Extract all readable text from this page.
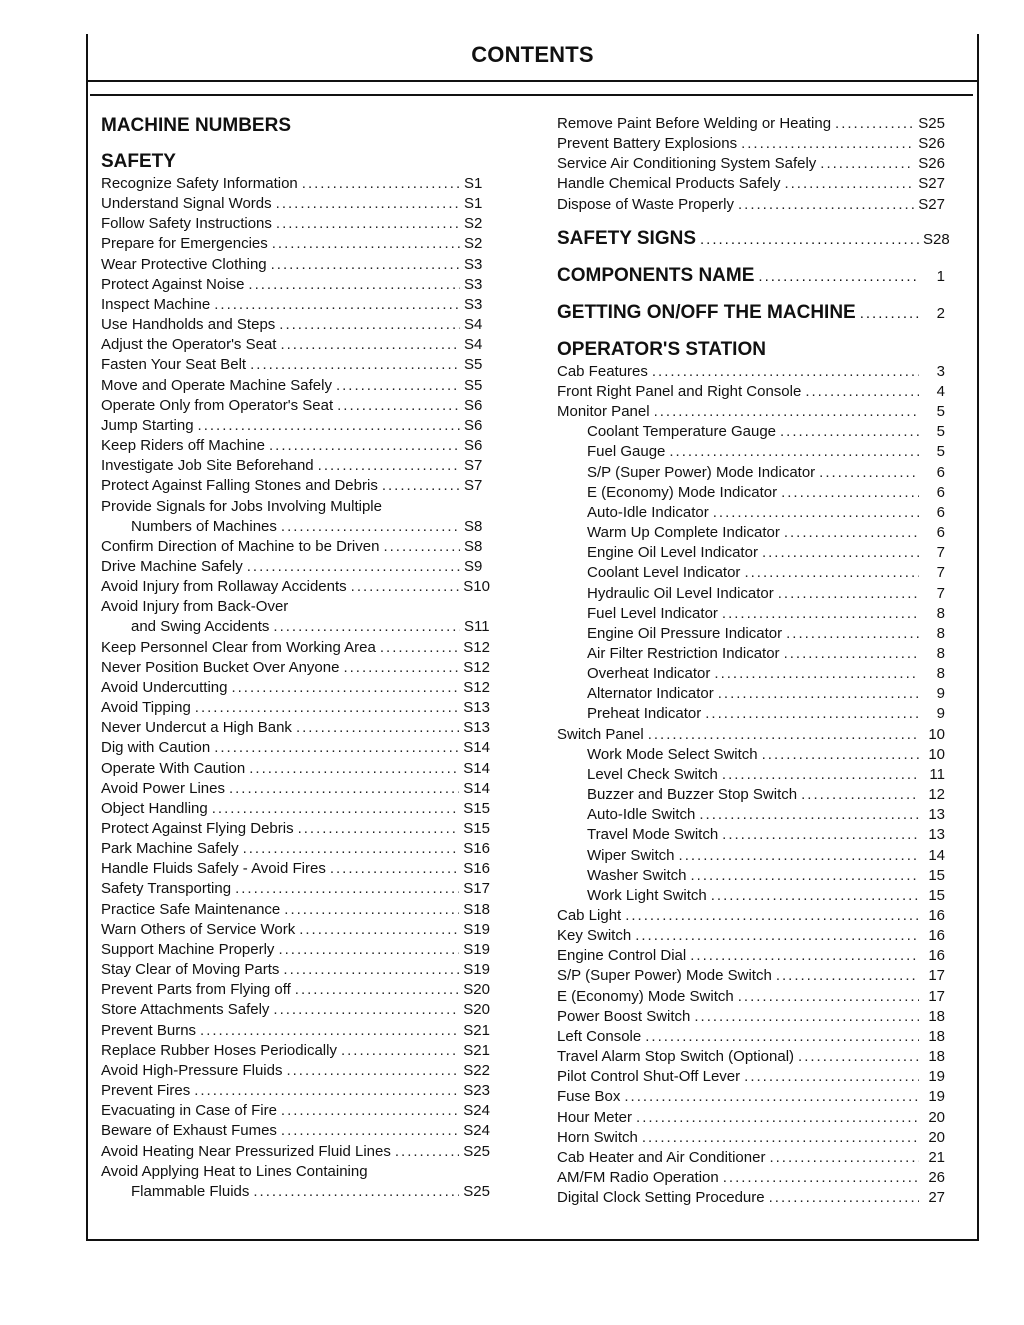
CONTENTS
MACHINE NUMBERS
SAFETY
Recognize Safety Information .....	S1
Understand Signal Words .....	S1
Follow Safety Instructions .....	S2
Prepare for Emergencies .....	S2
Wear Protective Clothing .....	S3
Protect Against Noise .....	S3
Inspect Machine .....	S3
Use Handholds and Steps .....	S4
Adjust the Operator's Seat .....	S4
Fasten Your Seat Belt .....	S5
Move and Operate Machine Safely .....	S5
Operate Only from Operator's Seat .....	S6
Jump Starting .....	S6
Keep Riders off Machine .....	S6
Investigate Job Site Beforehand .....	S7
Protect Against Falling Stones and Debris .....	S7
Provide Signals for Jobs Involving Multiple
Numbers of Machines .....	S8
Confirm Direction of Machine to be Driven .....	S8
Drive Machine Safely .....	S9
Avoid Injury from Rollaway Accidents .....	S10
Avoid Injury from Back-Over
and Swing Accidents .....	S11
Keep Personnel Clear from Working Area .....	S12
Never Position Bucket Over Anyone .....	S12
Avoid Undercutting .....	S12
Avoid Tipping .....	S13
Never Undercut a High Bank .....	S13
Dig with Caution .....	S14
Operate With Caution .....	S14
Avoid Power Lines .....	S14
Object Handling .....	S15
Protect Against Flying Debris .....	S15
Park Machine Safely .....	S16
Handle Fluids Safely - Avoid Fires .....	S16
Safety Transporting .....	S17
Practice Safe Maintenance .....	S18
Warn Others of Service Work .....	S19
Support Machine Properly .....	S19
Stay Clear of Moving Parts .....	S19
Prevent Parts from Flying off .....	S20
Store Attachments Safely .....	S20
Prevent Burns .....	S21
Replace Rubber Hoses Periodically .....	S21
Avoid High-Pressure Fluids .....	S22
Prevent Fires .....	S23
Evacuating in Case of Fire .....	S24
Beware of Exhaust Fumes .....	S24
Avoid Heating Near Pressurized Fluid Lines .....	S25
Avoid Applying Heat to Lines Containing
Flammable Fluids .....	S25
Remove Paint Before Welding or Heating .....	S25
Prevent Battery Explosions .....	S26
Service Air Conditioning System Safely .....	S26
Handle Chemical Products Safely .....	S27
Dispose of Waste Properly .....	S27
SAFETY SIGNS .....	S28
COMPONENTS NAME .....	1
GETTING ON/OFF THE MACHINE .....	2
OPERATOR'S STATION
Cab Features .....	3
Front Right Panel and Right Console .....	4
Monitor Panel .....	5
Coolant Temperature Gauge .....	5
Fuel Gauge .....	5
S/P (Super Power) Mode Indicator .....	6
E (Economy) Mode Indicator .....	6
Auto-Idle Indicator .....	6
Warm Up Complete Indicator .....	6
Engine Oil Level Indicator .....	7
Coolant Level Indicator .....	7
Hydraulic Oil Level Indicator .....	7
Fuel Level Indicator .....	8
Engine Oil Pressure Indicator .....	8
Air Filter Restriction Indicator .....	8
Overheat Indicator .....	8
Alternator Indicator .....	9
Preheat Indicator .....	9
Switch Panel .....	10
Work Mode Select Switch .....	10
Level Check Switch .....	11
Buzzer and Buzzer Stop Switch .....	12
Auto-Idle Switch .....	13
Travel Mode Switch .....	13
Wiper Switch .....	14
Washer Switch .....	15
Work Light Switch .....	15
Cab Light .....	16
Key Switch .....	16
Engine Control Dial .....	16
S/P (Super Power) Mode Switch .....	17
E (Economy) Mode Switch .....	17
Power Boost Switch .....	18
Left Console .....	18
Travel Alarm Stop Switch (Optional) .....	18
Pilot Control Shut-Off Lever .....	19
Fuse Box .....	19
Hour Meter .....	20
Horn Switch .....	20
Cab Heater and Air Conditioner .....	21
AM/FM Radio Operation .....	26
Digital Clock Setting Procedure .....	27
